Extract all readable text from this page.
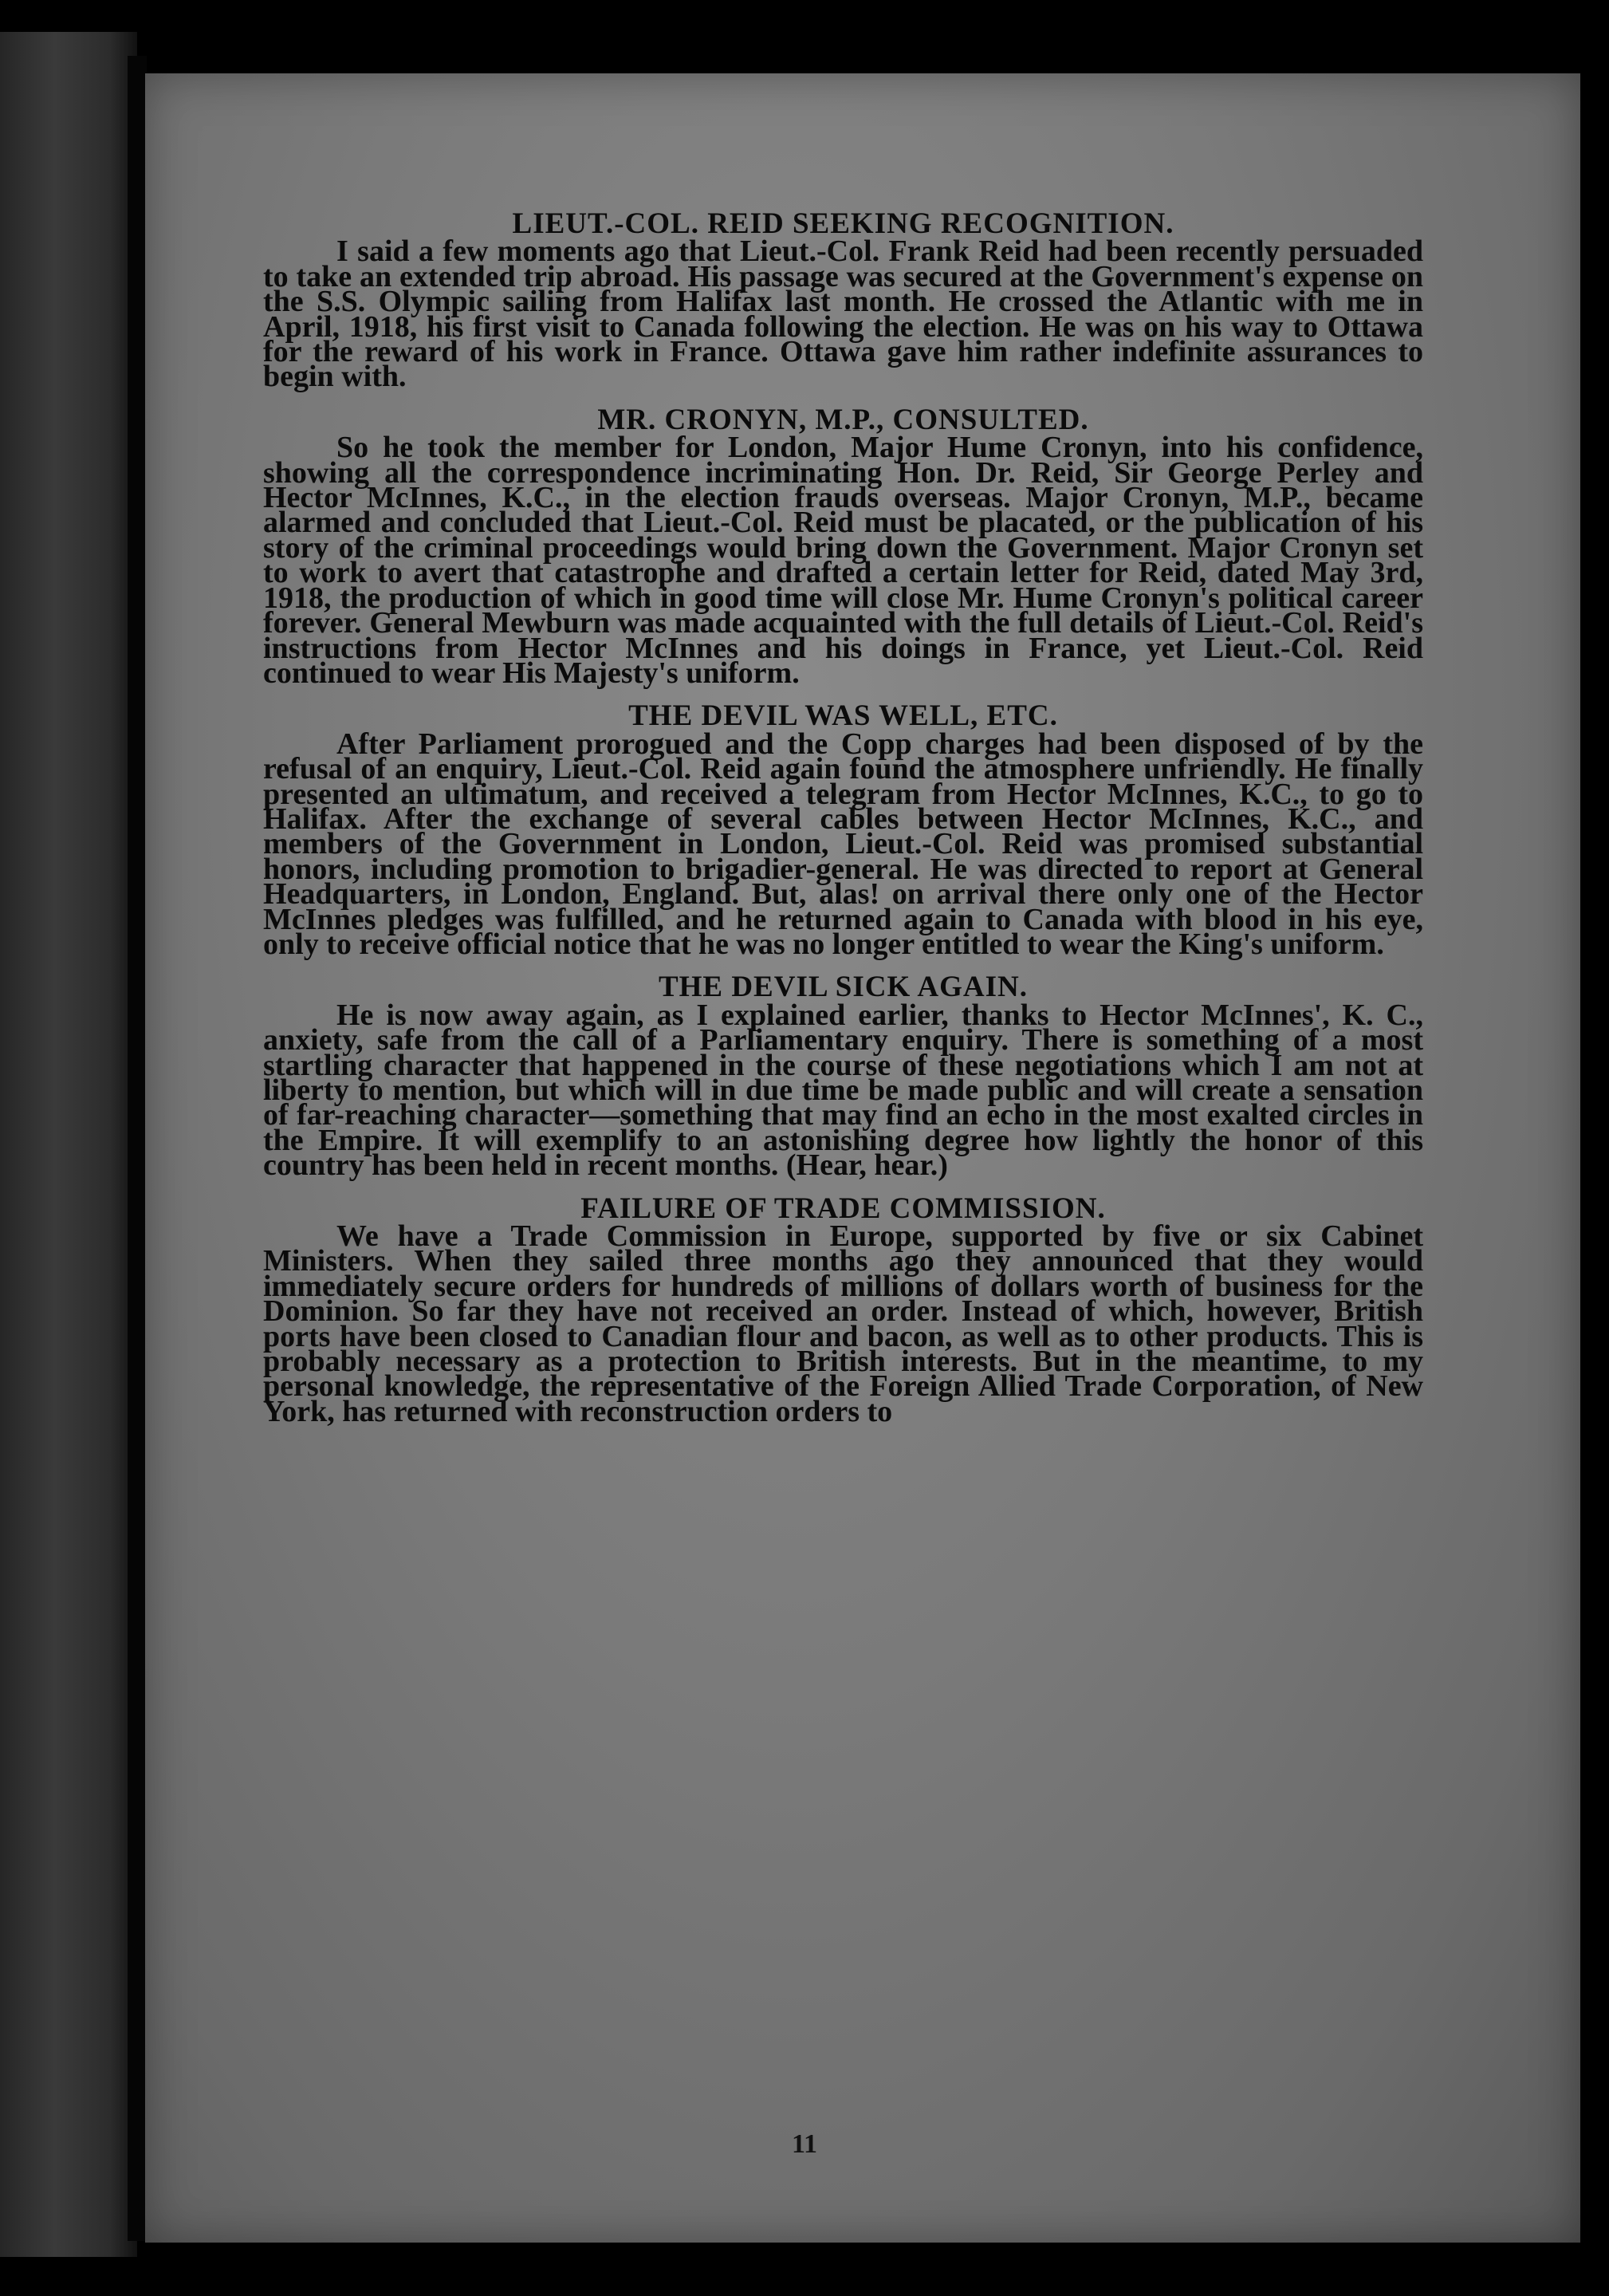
LIEUT.-COL. REID SEEKING RECOGNITION.

I said a few moments ago that Lieut.-Col. Frank Reid had been recently persuaded to take an extended trip abroad. His passage was secured at the Government's expense on the S.S. Olympic sailing from Halifax last month. He crossed the Atlantic with me in April, 1918, his first visit to Canada following the election. He was on his way to Ottawa for the reward of his work in France. Ottawa gave him rather indefinite assurances to begin with.

MR. CRONYN, M.P., CONSULTED.

So he took the member for London, Major Hume Cronyn, into his confidence, showing all the correspondence incriminating Hon. Dr. Reid, Sir George Perley and Hector McInnes, K.C., in the election frauds overseas. Major Cronyn, M.P., became alarmed and concluded that Lieut.-Col. Reid must be placated, or the publication of his story of the criminal proceedings would bring down the Government. Major Cronyn set to work to avert that catastrophe and drafted a certain letter for Reid, dated May 3rd, 1918, the production of which in good time will close Mr. Hume Cronyn's political career forever. General Mewburn was made acquainted with the full details of Lieut.-Col. Reid's instructions from Hector McInnes and his doings in France, yet Lieut.-Col. Reid continued to wear His Majesty's uniform.

THE DEVIL WAS WELL, ETC.

After Parliament prorogued and the Copp charges had been disposed of by the refusal of an enquiry, Lieut.-Col. Reid again found the atmosphere unfriendly. He finally presented an ultimatum, and received a telegram from Hector McInnes, K.C., to go to Halifax. After the exchange of several cables between Hector McInnes, K.C., and members of the Government in London, Lieut.-Col. Reid was promised substantial honors, including promotion to brigadier-general. He was directed to report at General Headquarters, in London, England. But, alas! on arrival there only one of the Hector McInnes pledges was fulfilled, and he returned again to Canada with blood in his eye, only to receive official notice that he was no longer entitled to wear the King's uniform.

THE DEVIL SICK AGAIN.

He is now away again, as I explained earlier, thanks to Hector McInnes', K. C., anxiety, safe from the call of a Parliamentary enquiry. There is something of a most startling character that happened in the course of these negotiations which I am not at liberty to mention, but which will in due time be made public and will create a sensation of far-reaching character—something that may find an echo in the most exalted circles in the Empire. It will exemplify to an astonishing degree how lightly the honor of this country has been held in recent months. (Hear, hear.)

FAILURE OF TRADE COMMISSION.

We have a Trade Commission in Europe, supported by five or six Cabinet Ministers. When they sailed three months ago they announced that they would immediately secure orders for hundreds of millions of dollars worth of business for the Dominion. So far they have not received an order. Instead of which, however, British ports have been closed to Canadian flour and bacon, as well as to other products. This is probably necessary as a protection to British interests. But in the meantime, to my personal knowledge, the representative of the Foreign Allied Trade Corporation, of New York, has returned with reconstruction orders to

11
